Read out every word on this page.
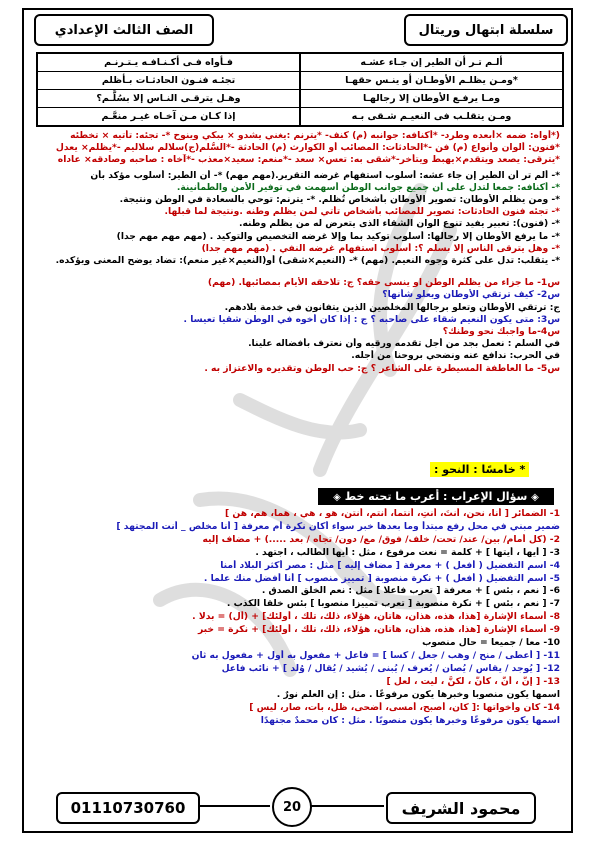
سلسلة ابتهال وريتال
الصف الثالث الإعدادي
ألـم تـر أن الطير إن جـاء عشـه
فـأواه فـى أكـنـافـه يـتـرنـم
*ومـن يظلـم الأوطـان أو ينـس حقهـا
تجئـه فنـون الحادثـات بـأظلم
ومـا يرفـع الأوطان إلا رجالهـا
وهـل يترقـى النـاس إلا بسُلَّـم؟
ومـن يتقلـب فى النعيـم شـقى بـه
إذا كـان مـن آخـاه غيـر منعَّـم
(*أواه: ضمه ×أبعده وطرد- *أكنافه: جوانبه (م) كنف- *يترنم :يغني يشدو × يبكي وينوح *- تجئه: تأتيه × تخطئه
*فنون: ألوان وأنواع (م) فن -*الحادثات: المصائب أو الكوارث (م) الحادثة -*السُّلم(ج)سلالم سلاليم -*يظلم× يعدل
*يترقى: يصعد ويتقدم×يهبط ويتأخر-*شقى به: تعس× سعد -*منعم: سعيد×معذب -*آخاه : صاحبه وصادقه× عاداه
*- ألم تر أن الطير إن جاء عشه: أسلوب استفهام غرضه التقرير.(مهم مهم) *- أن الطير: أسلوب مؤكد بأن
*- أكنافه: جمعا لتدل على أن جميع جوانب الوطن أسهمت في توفير الأمن والطمأنينة.
*- ومن يظلم الأوطان: تصوير الأوطان بأشخاص تُظلم. *- يترنم: توحي بالسعادة في الوطن ونتيجة.
*- تجئه فنون الحادثات: تصوير للمصائب بأشخاص تأتي لمن يظلم وطنه .ونتيجة لما قبلها.
*- (فنون): تعبير يفيد تنوع الوان الشقاء الذى يتعرض له من يظلم وطنه.
*- ما يرفع الأوطان إلا رجالها: أسلوب توكيد بما وإلا غرضه التخصيص والتوكيد . (مهم مهم مهم جدا)
*- وهل يترقى الناس إلا بسلم ؟: أسلوب استفهام غرضه النفي . (مهم مهم جدا)
*- يتقلب: تدل على كثرة وجوه النعيم. (مهم) *- (النعيم×شقى) أو(النعيم×غير منعم): تضاد يوضح المعنى ويؤكده.
س1- ما جزاء من يظلم الوطن او ينسى حقه؟ ج: تلاحقه الأيام بمصائبها. (مهم)
س2- كيف ترتقي الأوطان ويعلو شأنها؟
ج: ترتقي الأوطان وتعلو برجالها المخلصين الذين يتفانون في خدمة بلادهم.
س3: متى يكون النعيم شقاء على صاحبه ؟ ج : إذا كان أخوه في الوطن شقيا تعيسا .
س4-ما واجبك نحو وطنك؟
في السلم : نعمل بجد من أجل تقدمه ورقيه وأن نعترف بأفضاله علينا.
في الحرب: ندافع عنه ونضحي بروحنا من أجله.
س5- ما العاطفة المسيطرة على الشاعر ؟ ج: حب الوطن وتقديره والاعتزاز به .
* خامسًا : النحو :
◈ سؤال الإعراب : أعرب ما تحته خط ◈
1- الضمائر [ أنا، نحن، أنتَ، أنتِ، أنتما، أنتم، أنتن، هو ، هي ، هما، هم، هن ]
ضمير مبني في محل رفع مبتدأ وما بعدها خبر سواء أكان نكرة أم معرفة [ أنا مخلص _ أنت المجتهد ]
2- (كل أمام/ بين/ عند/ تحت/ خلف/ فوق/ مع/ دون/ تجاه / بعد .....) + مضاف إليه
3- [ أيها ، أيتها ] + كلمة = نعت مرفوع ، مثل : أيها الطالب ، اجتهد .
4- اسم التفضيل ( أفعل ) + معرفة [ مضاف إليه ] مثل : مصر أكثر البلاد أمنا
5- اسم التفضيل ( أفعل ) + نكرة منصوبة [ تمييز منصوب ] أنا أفضل منك علما .
6- [ نعم ، بئس ] + معرفة [ تعرب فاعلا ] مثل : نعم الخلق الصدق .
7- [ نعم ، بئس ] + نكرة منصوبة [ تعرب تمييزا منصوبا ] بئس خلقا الكذب .
8- أسماء الإشارة [هذا، هذه، هذان، هاتان، هؤلاء، ذلك، تلك ، أولئك] + (أل) = بدلا .
9- أسماء الإشارة [هذا، هذه، هذان، هاتان، هؤلاء، ذلك، تلك ، أولئك] + نكرة = خبر
10- معا / جميعا = حال منصوب
11- [ أعطى / منح / وهب / جعل / كسا ] = فاعل + مفعول به أول + مفعول به ثان
12- [ يُوجد / يقاس / يُصان / يُعرف / يُبنى / يُشيد / يُقال / وُلد ] + نائب فاعل
13- [ إنَّ ، أنَّ ، كأنَّ ، لكنَّ ، ليت ، لعل ]
اسمها يكون منصوبا وخبرها يكون مرفوعًا . مثل : إن العلم نورٌ .
14- كان وأخواتها :[ كان، أصبح، أمسى، أضحى، ظل، بات، صار، ليس ]
اسمها يكون مرفوعًا وخبرها يكون منصوبًا . مثل : كان محمدٌ مجتهدًا
01110730760	20	محمود الشريف
